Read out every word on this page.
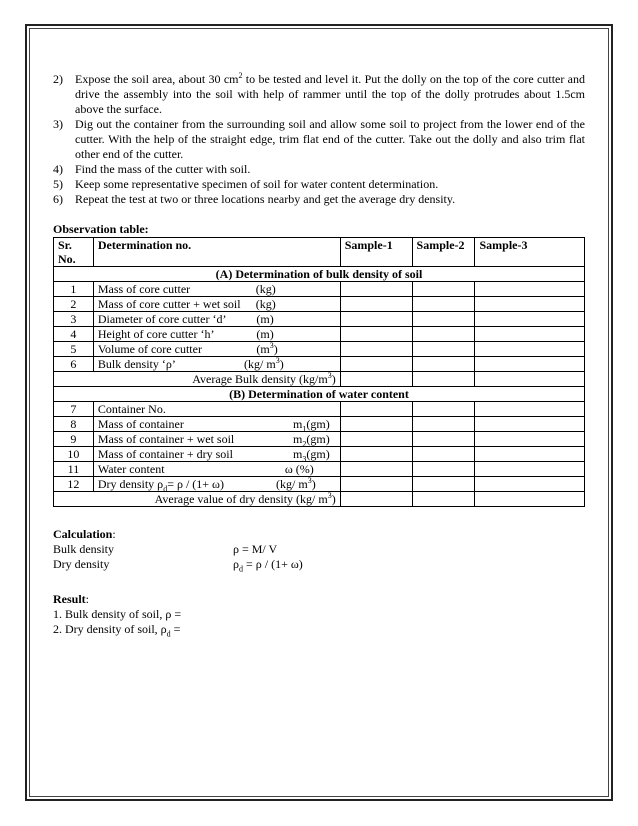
2)	Expose the soil area, about 30 $cm^2$ to be tested and level it. Put the dolly on the top of the core cutter and drive the assembly into the soil with help of rammer until the top of the dolly protrudes about 1.5cm above the surface.
3)	Dig out the container from the surrounding soil and allow some soil to project from the lower end of the cutter. With the help of the straight edge, trim flat end of the cutter. Take out the dolly and also trim flat other end of the cutter.
4)	Find the mass of the cutter with soil.
5)	Keep some representative specimen of soil for water content determination.
6)	Repeat the test at two or three locations nearby and get the average dry density.
Observation table:
Sr. No.	Determination no.	Sample-1	Sample-2	Sample-3
(A) Determination of bulk density of soil				
1	Mass of core cutter (kg)			

2	Mass of core cutter + wet soil (kg)			

3	Diameter of core cutter ‘d’ (m)			

4	Height of core cutter ‘h’ (m)			

5	Volume of core cutter $(m^3)$			

6	Bulk density ‘ρ’ (kg/ $m^3$)			

Average Bulk density $(kg/m^3)$				
(B) Determination of water content				
7	Container No.			
8	Mass of container $m_1(gm)$			

9	Mass of container + wet soil $m_2(gm)$			

10	Mass of container + dry soil $m_3(gm)$			

11	Water content ω (%)			

12	Dry density $\rho_d= \rho / (1+ \omega)$ (kg/ $m^3$)			

Average value of dry density (kg/ $m^3$)				
Calculation:
Bulk density	ρ = M/ V
Dry density	$\rho_d = \rho / (1+ \omega)$
Result:
1. Bulk density of soil, ρ =
2. Dry density of soil, $\rho_d$ =
